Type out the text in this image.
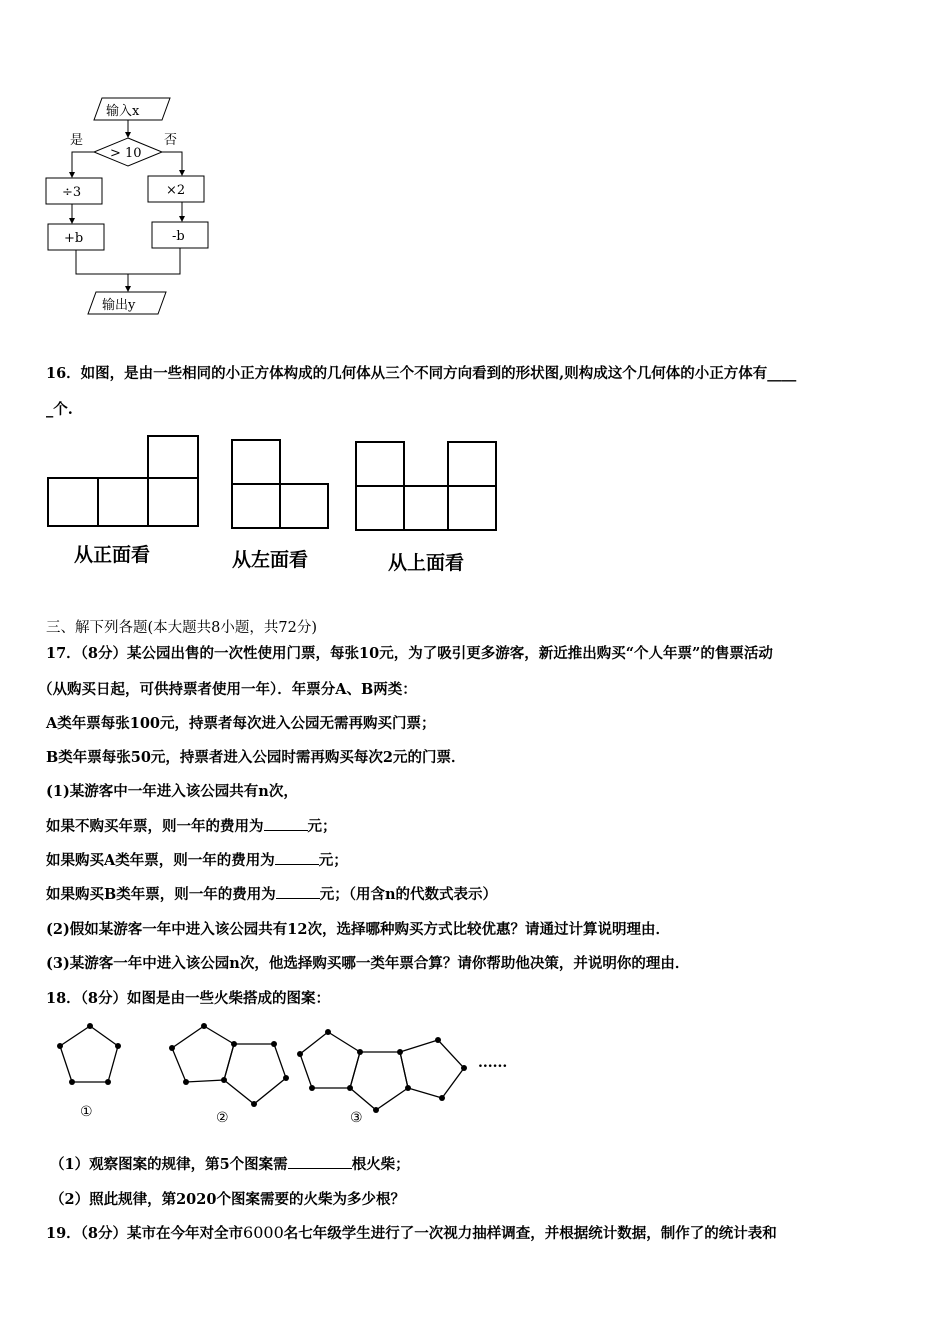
输入x
> 10
是	否
÷3	×2
+b	-b
输出y
16．如图，是由一些相同的小正方体构成的几何体从三个不同方向看到的形状图,则构成这个几何体的小正方体有____
_个.
从正面看	从左面看	从上面看
三、解下列各题(本大题共8小题，共72分)
17．（8分）某公园出售的一次性使用门票，每张10元，为了吸引更多游客，新近推出购买“个人年票”的售票活动
（从购买日起，可供持票者使用一年）．年票分A、B两类：
A类年票每张100元，持票者每次进入公园无需再购买门票；
B类年票每张50元，持票者进入公园时需再购买每次2元的门票．
(1)某游客中一年进入该公园共有n次，
如果不购买年票，则一年的费用为	元；
如果购买A类年票，则一年的费用为	元；
如果购买B类年票，则一年的费用为	元；（用含n的代数式表示）
(2)假如某游客一年中进入该公园共有12次，选择哪种购买方式比较优惠？请通过计算说明理由．
(3)某游客一年中进入该公园n次，他选择购买哪一类年票合算？请你帮助他决策，并说明你的理由．
18．（8分）如图是由一些火柴搭成的图案：
......
①	②	③
（1）观察图案的规律，第5个图案需	根火柴；
（2）照此规律，第2020个图案需要的火柴为多少根？
19．（8分）某市在今年对全市6000名七年级学生进行了一次视力抽样调查，并根据统计数据，制作了的统计表和
